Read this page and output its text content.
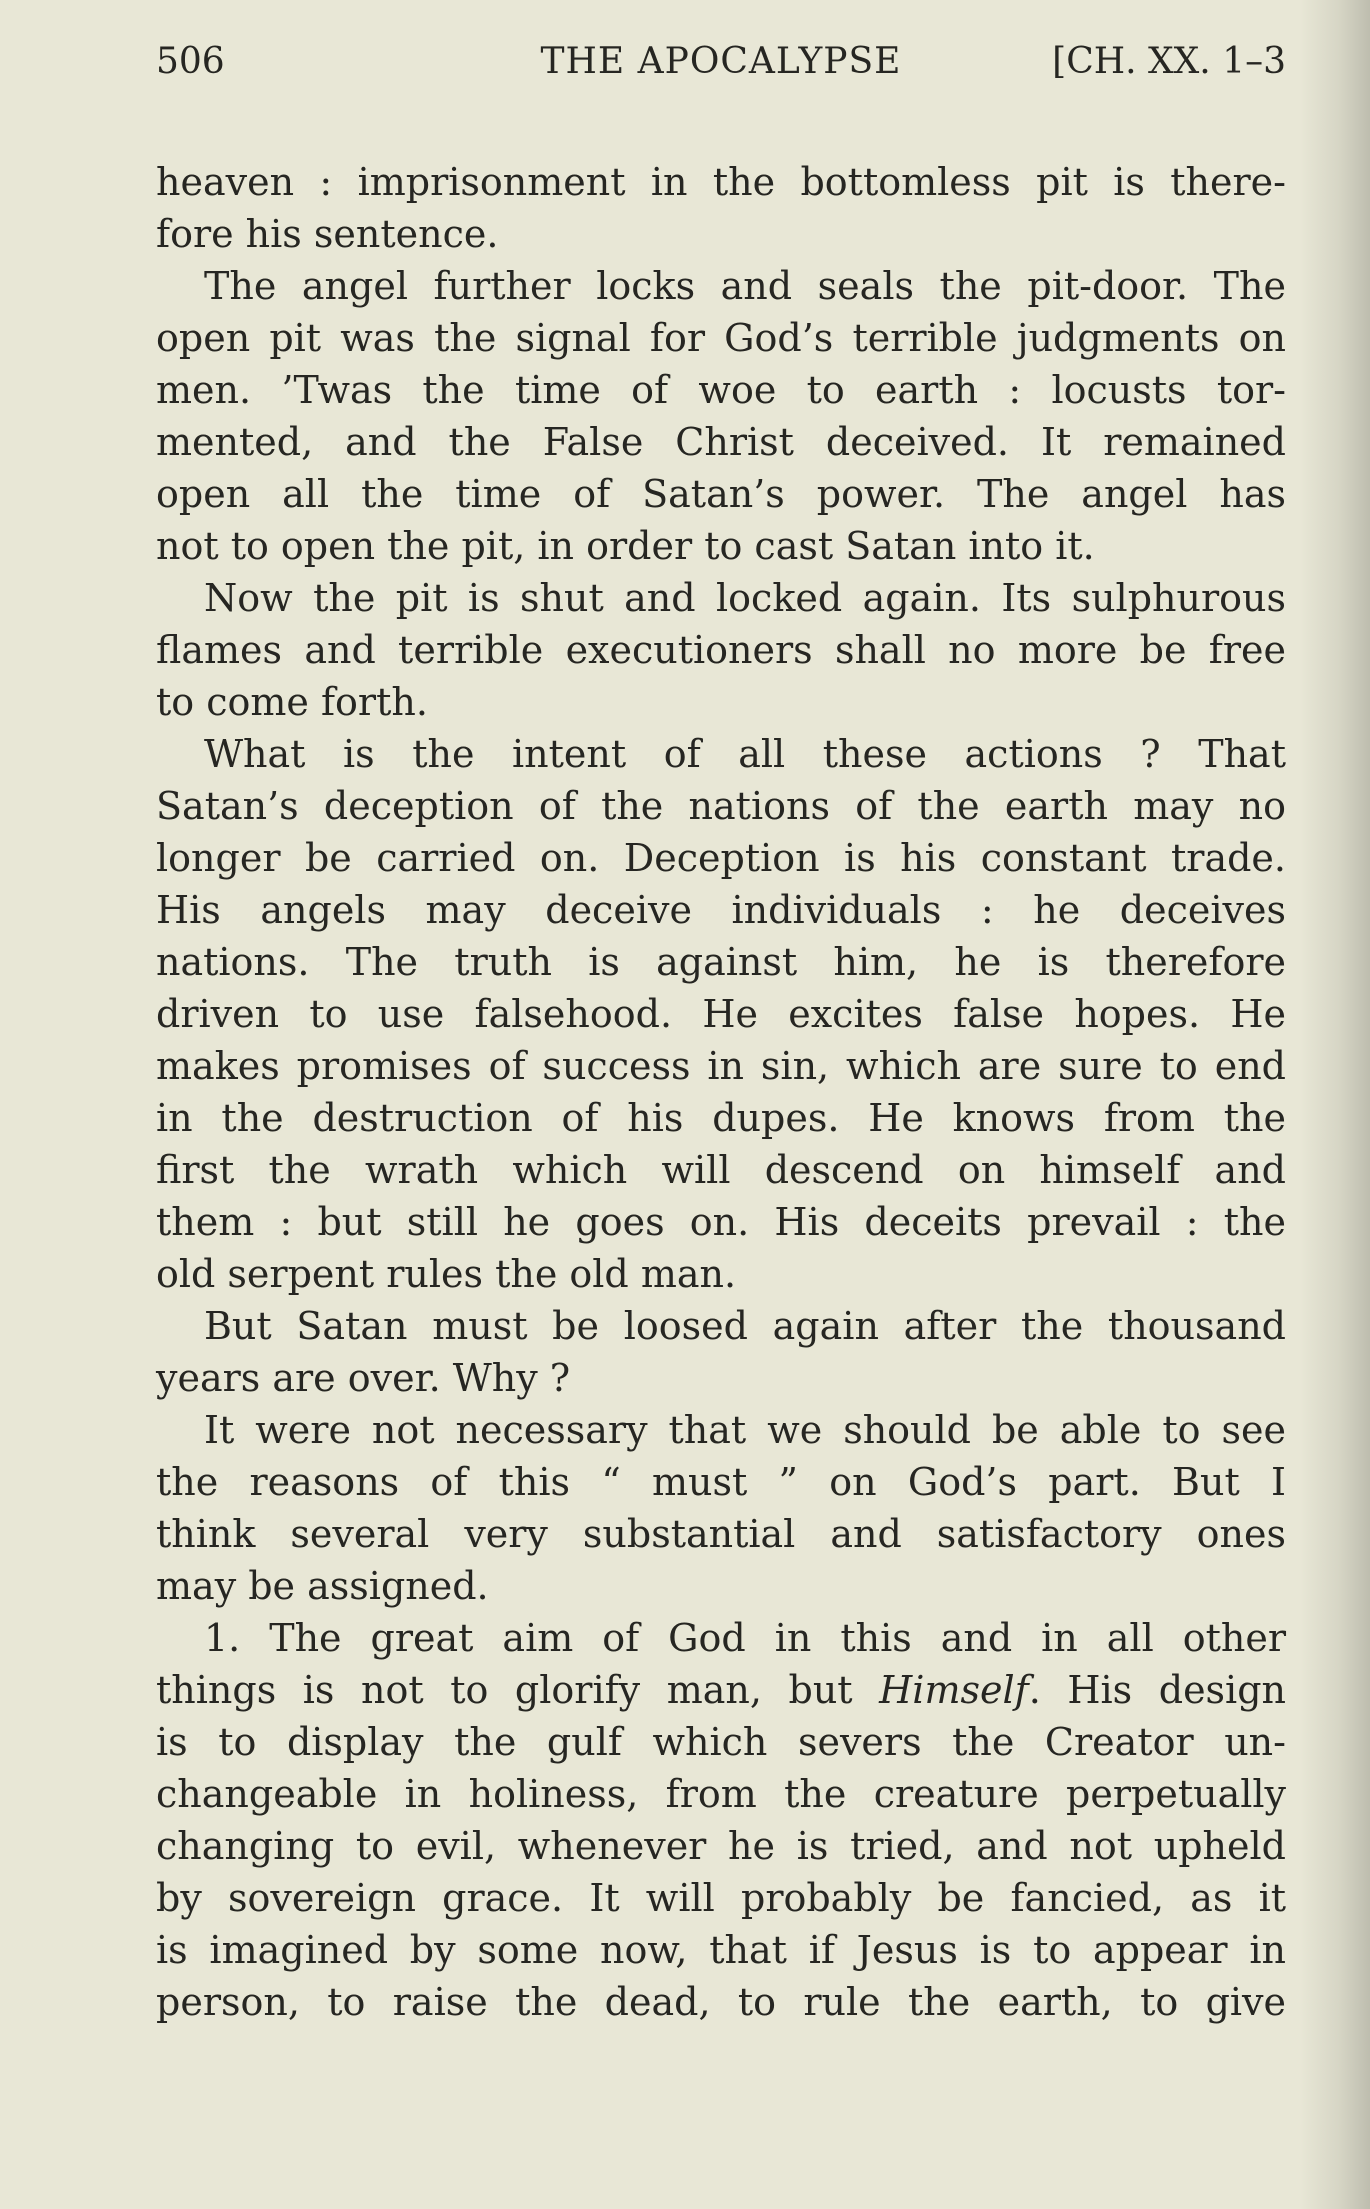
506	THE APOCALYPSE	[CH. XX. 1–3
heaven : imprisonment in the bottomless pit is there-
fore his sentence.
The angel further locks and seals the pit-door. The
open pit was the signal for God’s terrible judgments on
men. ’Twas the time of woe to earth : locusts tor-
mented, and the False Christ deceived. It remained
open all the time of Satan’s power. The angel has
not to open the pit, in order to cast Satan into it.
Now the pit is shut and locked again. Its sulphurous
flames and terrible executioners shall no more be free
to come forth.
What is the intent of all these actions ? That
Satan’s deception of the nations of the earth may no
longer be carried on. Deception is his constant trade.
His angels may deceive individuals : he deceives
nations. The truth is against him, he is therefore
driven to use falsehood. He excites false hopes. He
makes promises of success in sin, which are sure to end
in the destruction of his dupes. He knows from the
first the wrath which will descend on himself and
them : but still he goes on. His deceits prevail : the
old serpent rules the old man.
But Satan must be loosed again after the thousand
years are over. Why ?
It were not necessary that we should be able to see
the reasons of this “ must ” on God’s part. But I
think several very substantial and satisfactory ones
may be assigned.
1. The great aim of God in this and in all other
things is not to glorify man, but Himself. His design
is to display the gulf which severs the Creator un-
changeable in holiness, from the creature perpetually
changing to evil, whenever he is tried, and not upheld
by sovereign grace. It will probably be fancied, as it
is imagined by some now, that if Jesus is to appear in
person, to raise the dead, to rule the earth, to give
